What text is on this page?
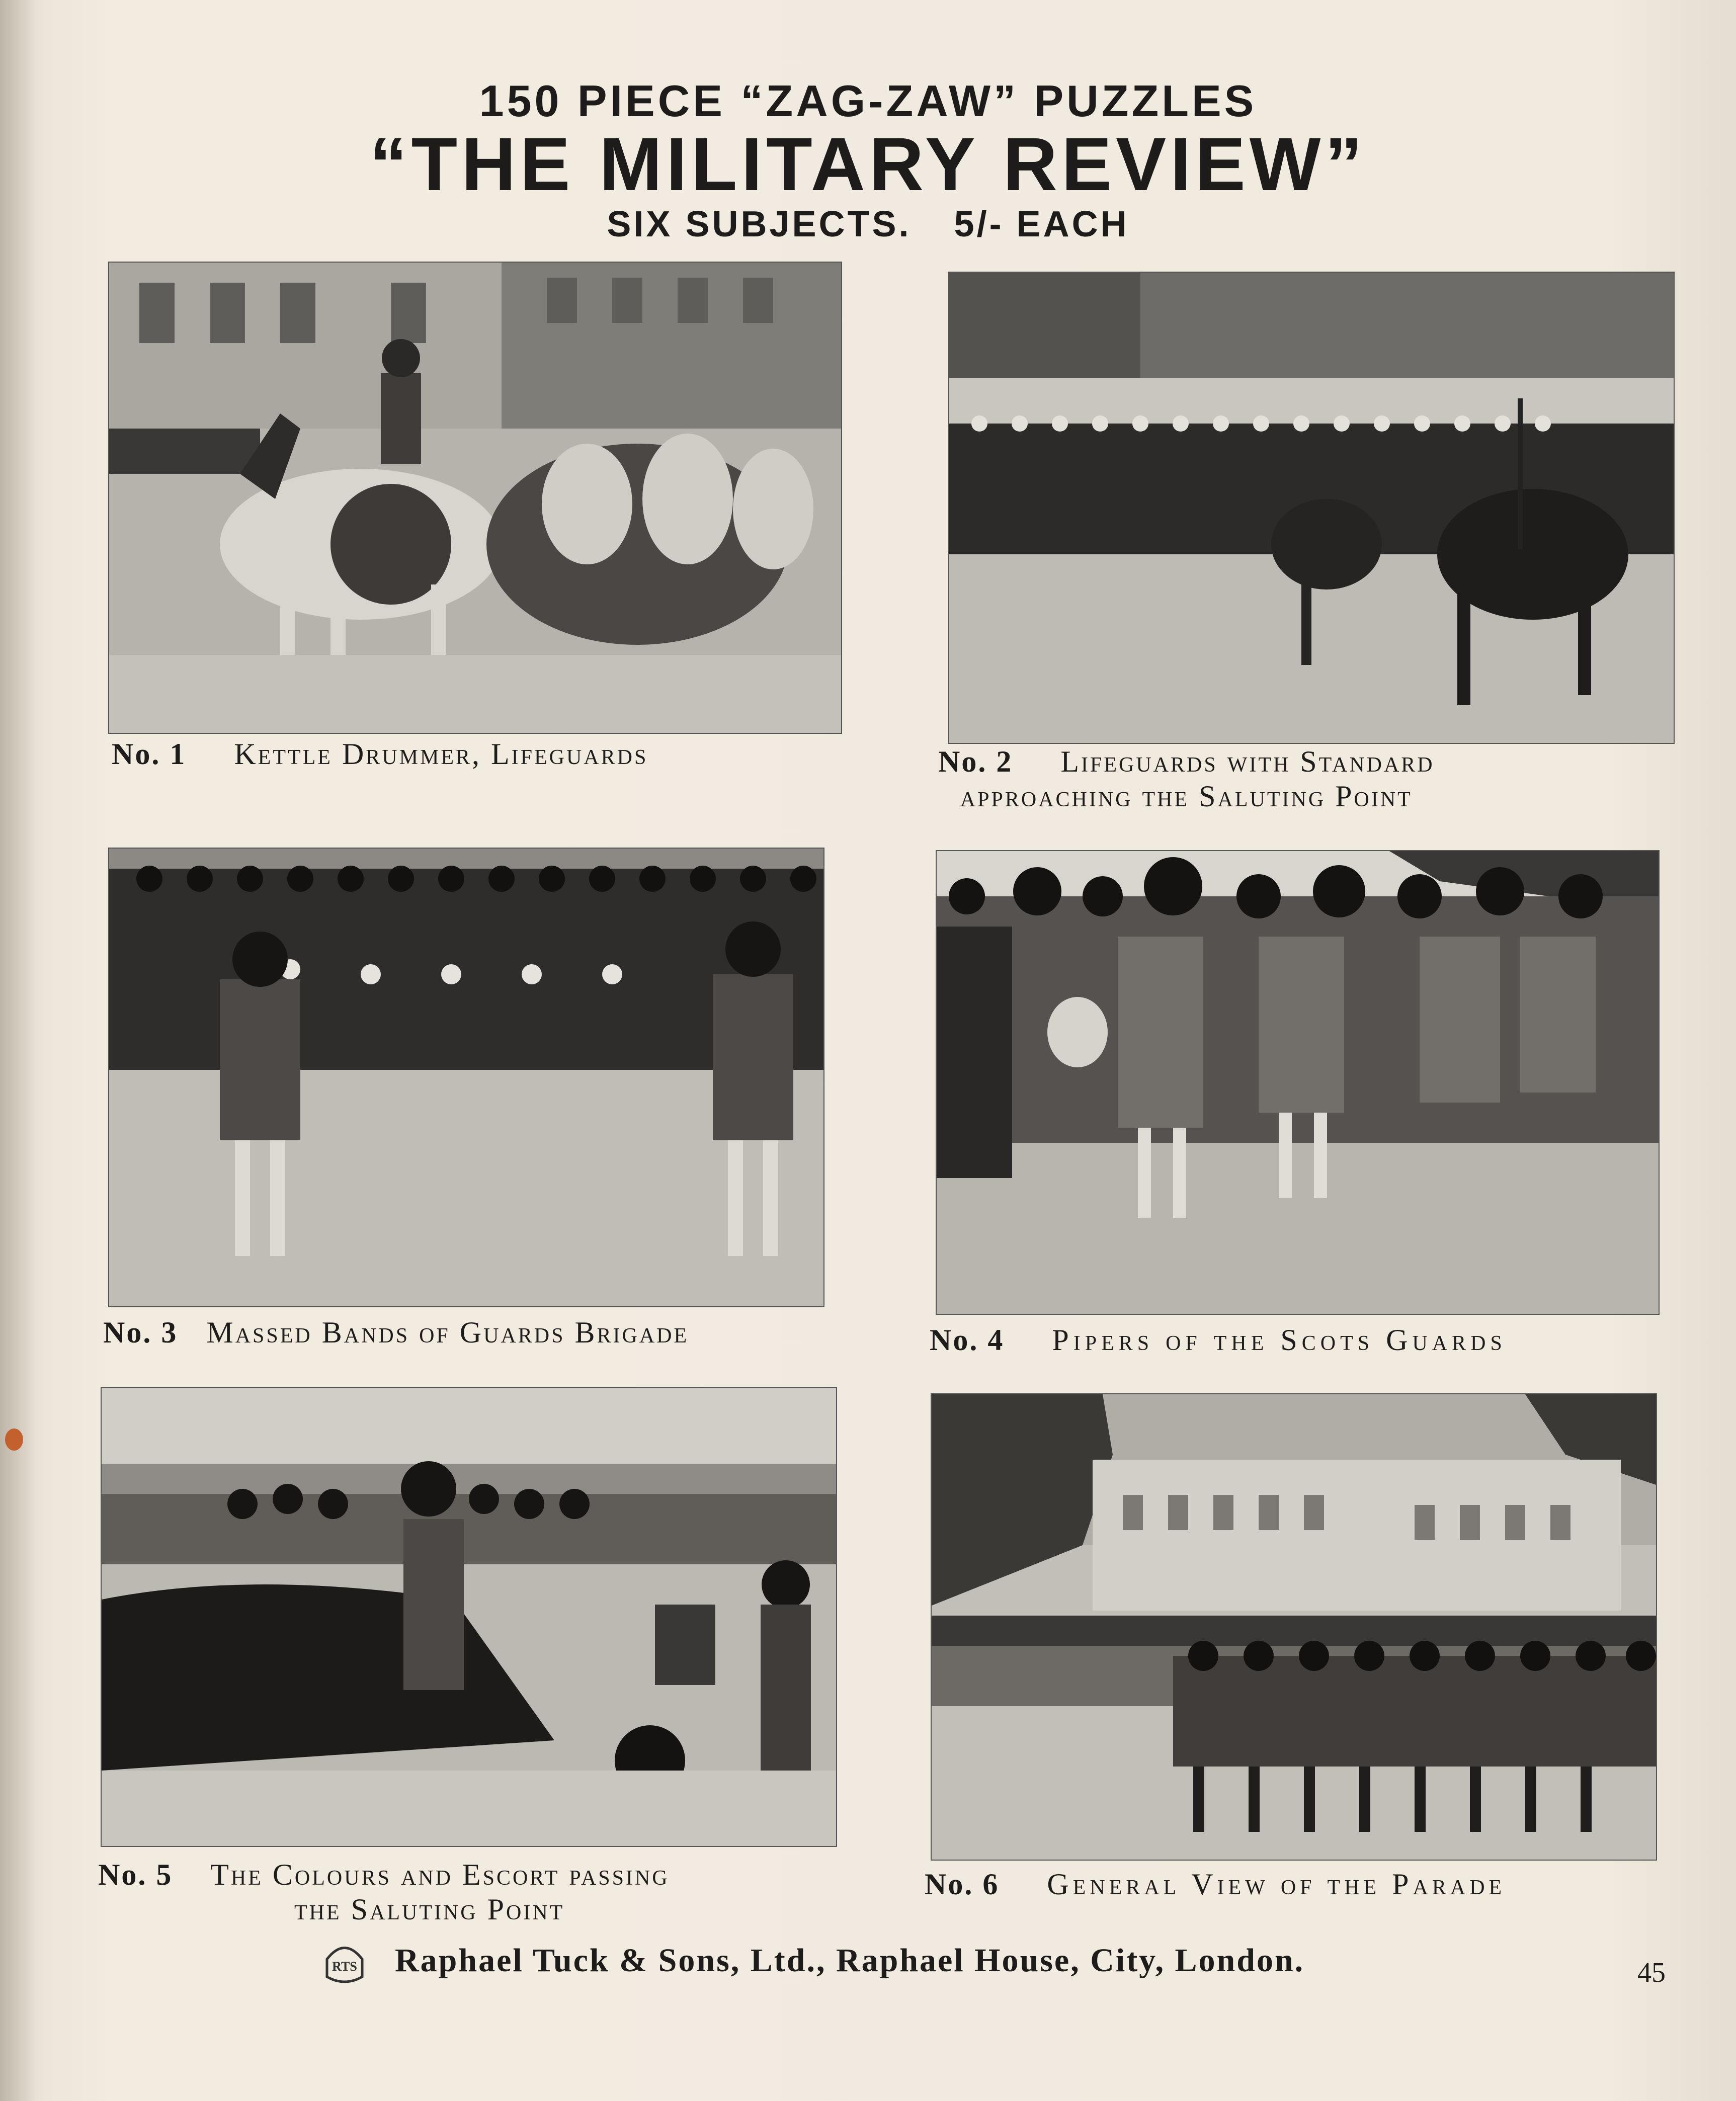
150 PIECE “ZAG-ZAW” PUZZLES
“THE MILITARY REVIEW”
SIX SUBJECTS. 5/- EACH
No. 1 Kettle Drummer, Lifeguards	No. 2 Lifeguards with Standard
approaching the Saluting Point
No. 3 Massed Bands of Guards Brigade	No. 4 Pipers of the Scots Guards
No. 5 The Colours and Escort passing
the Saluting Point
No. 6 General View of the Parade
RTS Raphael Tuck & Sons, Ltd., Raphael House, City, London.	45
